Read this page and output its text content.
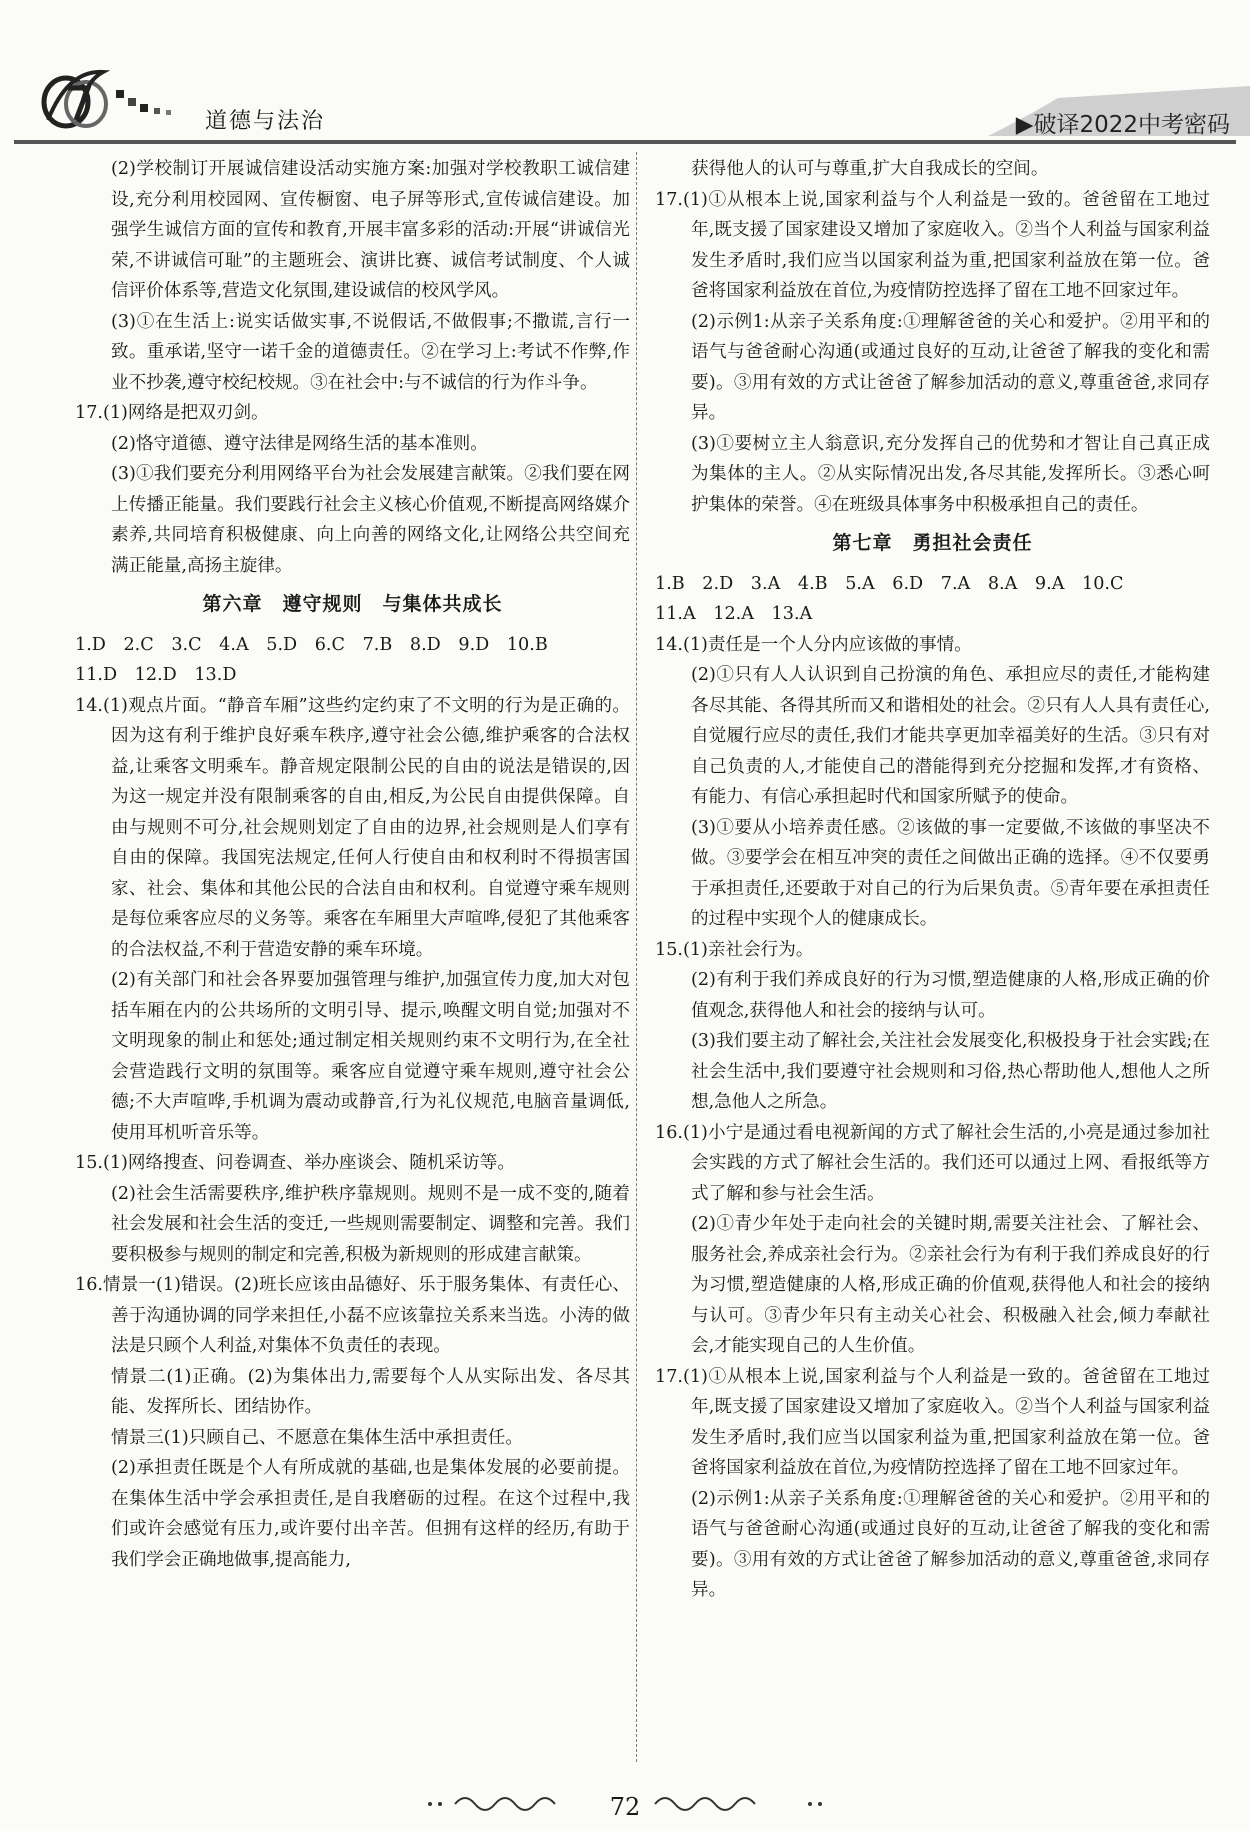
道德与法治	▶破译2022中考密码

(2)学校制订开展诚信建设活动实施方案:加强对学校教职工诚信建设,充分利用校园网、宣传橱窗、电子屏等形式,宣传诚信建设。加强学生诚信方面的宣传和教育,开展丰富多彩的活动:开展“讲诚信光荣,不讲诚信可耻”的主题班会、演讲比赛、诚信考试制度、个人诚信评价体系等,营造文化氛围,建设诚信的校风学风。

(3)①在生活上:说实话做实事,不说假话,不做假事;不撒谎,言行一致。重承诺,坚守一诺千金的道德责任。②在学习上:考试不作弊,作业不抄袭,遵守校纪校规。③在社会中:与不诚信的行为作斗争。

17.(1)网络是把双刃剑。

(2)恪守道德、遵守法律是网络生活的基本准则。

(3)①我们要充分利用网络平台为社会发展建言献策。②我们要在网上传播正能量。我们要践行社会主义核心价值观,不断提高网络媒介素养,共同培育积极健康、向上向善的网络文化,让网络公共空间充满正能量,高扬主旋律。

第六章　遵守规则　与集体共成长

1.D　2.C　3.C　4.A　5.D　6.C　7.B　8.D　9.D　10.B

11.D　12.D　13.D

14.(1)观点片面。“静音车厢”这些约定约束了不文明的行为是正确的。因为这有利于维护良好乘车秩序,遵守社会公德,维护乘客的合法权益,让乘客文明乘车。静音规定限制公民的自由的说法是错误的,因为这一规定并没有限制乘客的自由,相反,为公民自由提供保障。自由与规则不可分,社会规则划定了自由的边界,社会规则是人们享有自由的保障。我国宪法规定,任何人行使自由和权利时不得损害国家、社会、集体和其他公民的合法自由和权利。自觉遵守乘车规则是每位乘客应尽的义务等。乘客在车厢里大声喧哗,侵犯了其他乘客的合法权益,不利于营造安静的乘车环境。

(2)有关部门和社会各界要加强管理与维护,加强宣传力度,加大对包括车厢在内的公共场所的文明引导、提示,唤醒文明自觉;加强对不文明现象的制止和惩处;通过制定相关规则约束不文明行为,在全社会营造践行文明的氛围等。乘客应自觉遵守乘车规则,遵守社会公德;不大声喧哗,手机调为震动或静音,行为礼仪规范,电脑音量调低,使用耳机听音乐等。

15.(1)网络搜查、问卷调查、举办座谈会、随机采访等。

(2)社会生活需要秩序,维护秩序靠规则。规则不是一成不变的,随着社会发展和社会生活的变迁,一些规则需要制定、调整和完善。我们要积极参与规则的制定和完善,积极为新规则的形成建言献策。

16.情景一(1)错误。(2)班长应该由品德好、乐于服务集体、有责任心、善于沟通协调的同学来担任,小磊不应该靠拉关系来当选。小涛的做法是只顾个人利益,对集体不负责任的表现。

情景二(1)正确。(2)为集体出力,需要每个人从实际出发、各尽其能、发挥所长、团结协作。

情景三(1)只顾自己、不愿意在集体生活中承担责任。

(2)承担责任既是个人有所成就的基础,也是集体发展的必要前提。在集体生活中学会承担责任,是自我磨砺的过程。在这个过程中,我们或许会感觉有压力,或许要付出辛苦。但拥有这样的经历,有助于我们学会正确地做事,提高能力,

获得他人的认可与尊重,扩大自我成长的空间。

17.(1)①从根本上说,国家利益与个人利益是一致的。爸爸留在工地过年,既支援了国家建设又增加了家庭收入。②当个人利益与国家利益发生矛盾时,我们应当以国家利益为重,把国家利益放在第一位。爸爸将国家利益放在首位,为疫情防控选择了留在工地不回家过年。

(2)示例1:从亲子关系角度:①理解爸爸的关心和爱护。②用平和的语气与爸爸耐心沟通(或通过良好的互动,让爸爸了解我的变化和需要)。③用有效的方式让爸爸了解参加活动的意义,尊重爸爸,求同存异。

(3)①要树立主人翁意识,充分发挥自己的优势和才智让自己真正成为集体的主人。②从实际情况出发,各尽其能,发挥所长。③悉心呵护集体的荣誉。④在班级具体事务中积极承担自己的责任。

第七章　勇担社会责任

1.B　2.D　3.A　4.B　5.A　6.D　7.A　8.A　9.A　10.C

11.A　12.A　13.A

14.(1)责任是一个人分内应该做的事情。

(2)①只有人人认识到自己扮演的角色、承担应尽的责任,才能构建各尽其能、各得其所而又和谐相处的社会。②只有人人具有责任心,自觉履行应尽的责任,我们才能共享更加幸福美好的生活。③只有对自己负责的人,才能使自己的潜能得到充分挖掘和发挥,才有资格、有能力、有信心承担起时代和国家所赋予的使命。

(3)①要从小培养责任感。②该做的事一定要做,不该做的事坚决不做。③要学会在相互冲突的责任之间做出正确的选择。④不仅要勇于承担责任,还要敢于对自己的行为后果负责。⑤青年要在承担责任的过程中实现个人的健康成长。

15.(1)亲社会行为。

(2)有利于我们养成良好的行为习惯,塑造健康的人格,形成正确的价值观念,获得他人和社会的接纳与认可。

(3)我们要主动了解社会,关注社会发展变化,积极投身于社会实践;在社会生活中,我们要遵守社会规则和习俗,热心帮助他人,想他人之所想,急他人之所急。

16.(1)小宁是通过看电视新闻的方式了解社会生活的,小亮是通过参加社会实践的方式了解社会生活的。我们还可以通过上网、看报纸等方式了解和参与社会生活。

(2)①青少年处于走向社会的关键时期,需要关注社会、了解社会、服务社会,养成亲社会行为。②亲社会行为有利于我们养成良好的行为习惯,塑造健康的人格,形成正确的价值观,获得他人和社会的接纳与认可。③青少年只有主动关心社会、积极融入社会,倾力奉献社会,才能实现自己的人生价值。

17.(1)①从根本上说,国家利益与个人利益是一致的。爸爸留在工地过年,既支援了国家建设又增加了家庭收入。②当个人利益与国家利益发生矛盾时,我们应当以国家利益为重,把国家利益放在第一位。爸爸将国家利益放在首位,为疫情防控选择了留在工地不回家过年。

(2)示例1:从亲子关系角度:①理解爸爸的关心和爱护。②用平和的语气与爸爸耐心沟通(或通过良好的互动,让爸爸了解我的变化和需要)。③用有效的方式让爸爸了解参加活动的意义,尊重爸爸,求同存异。

72
